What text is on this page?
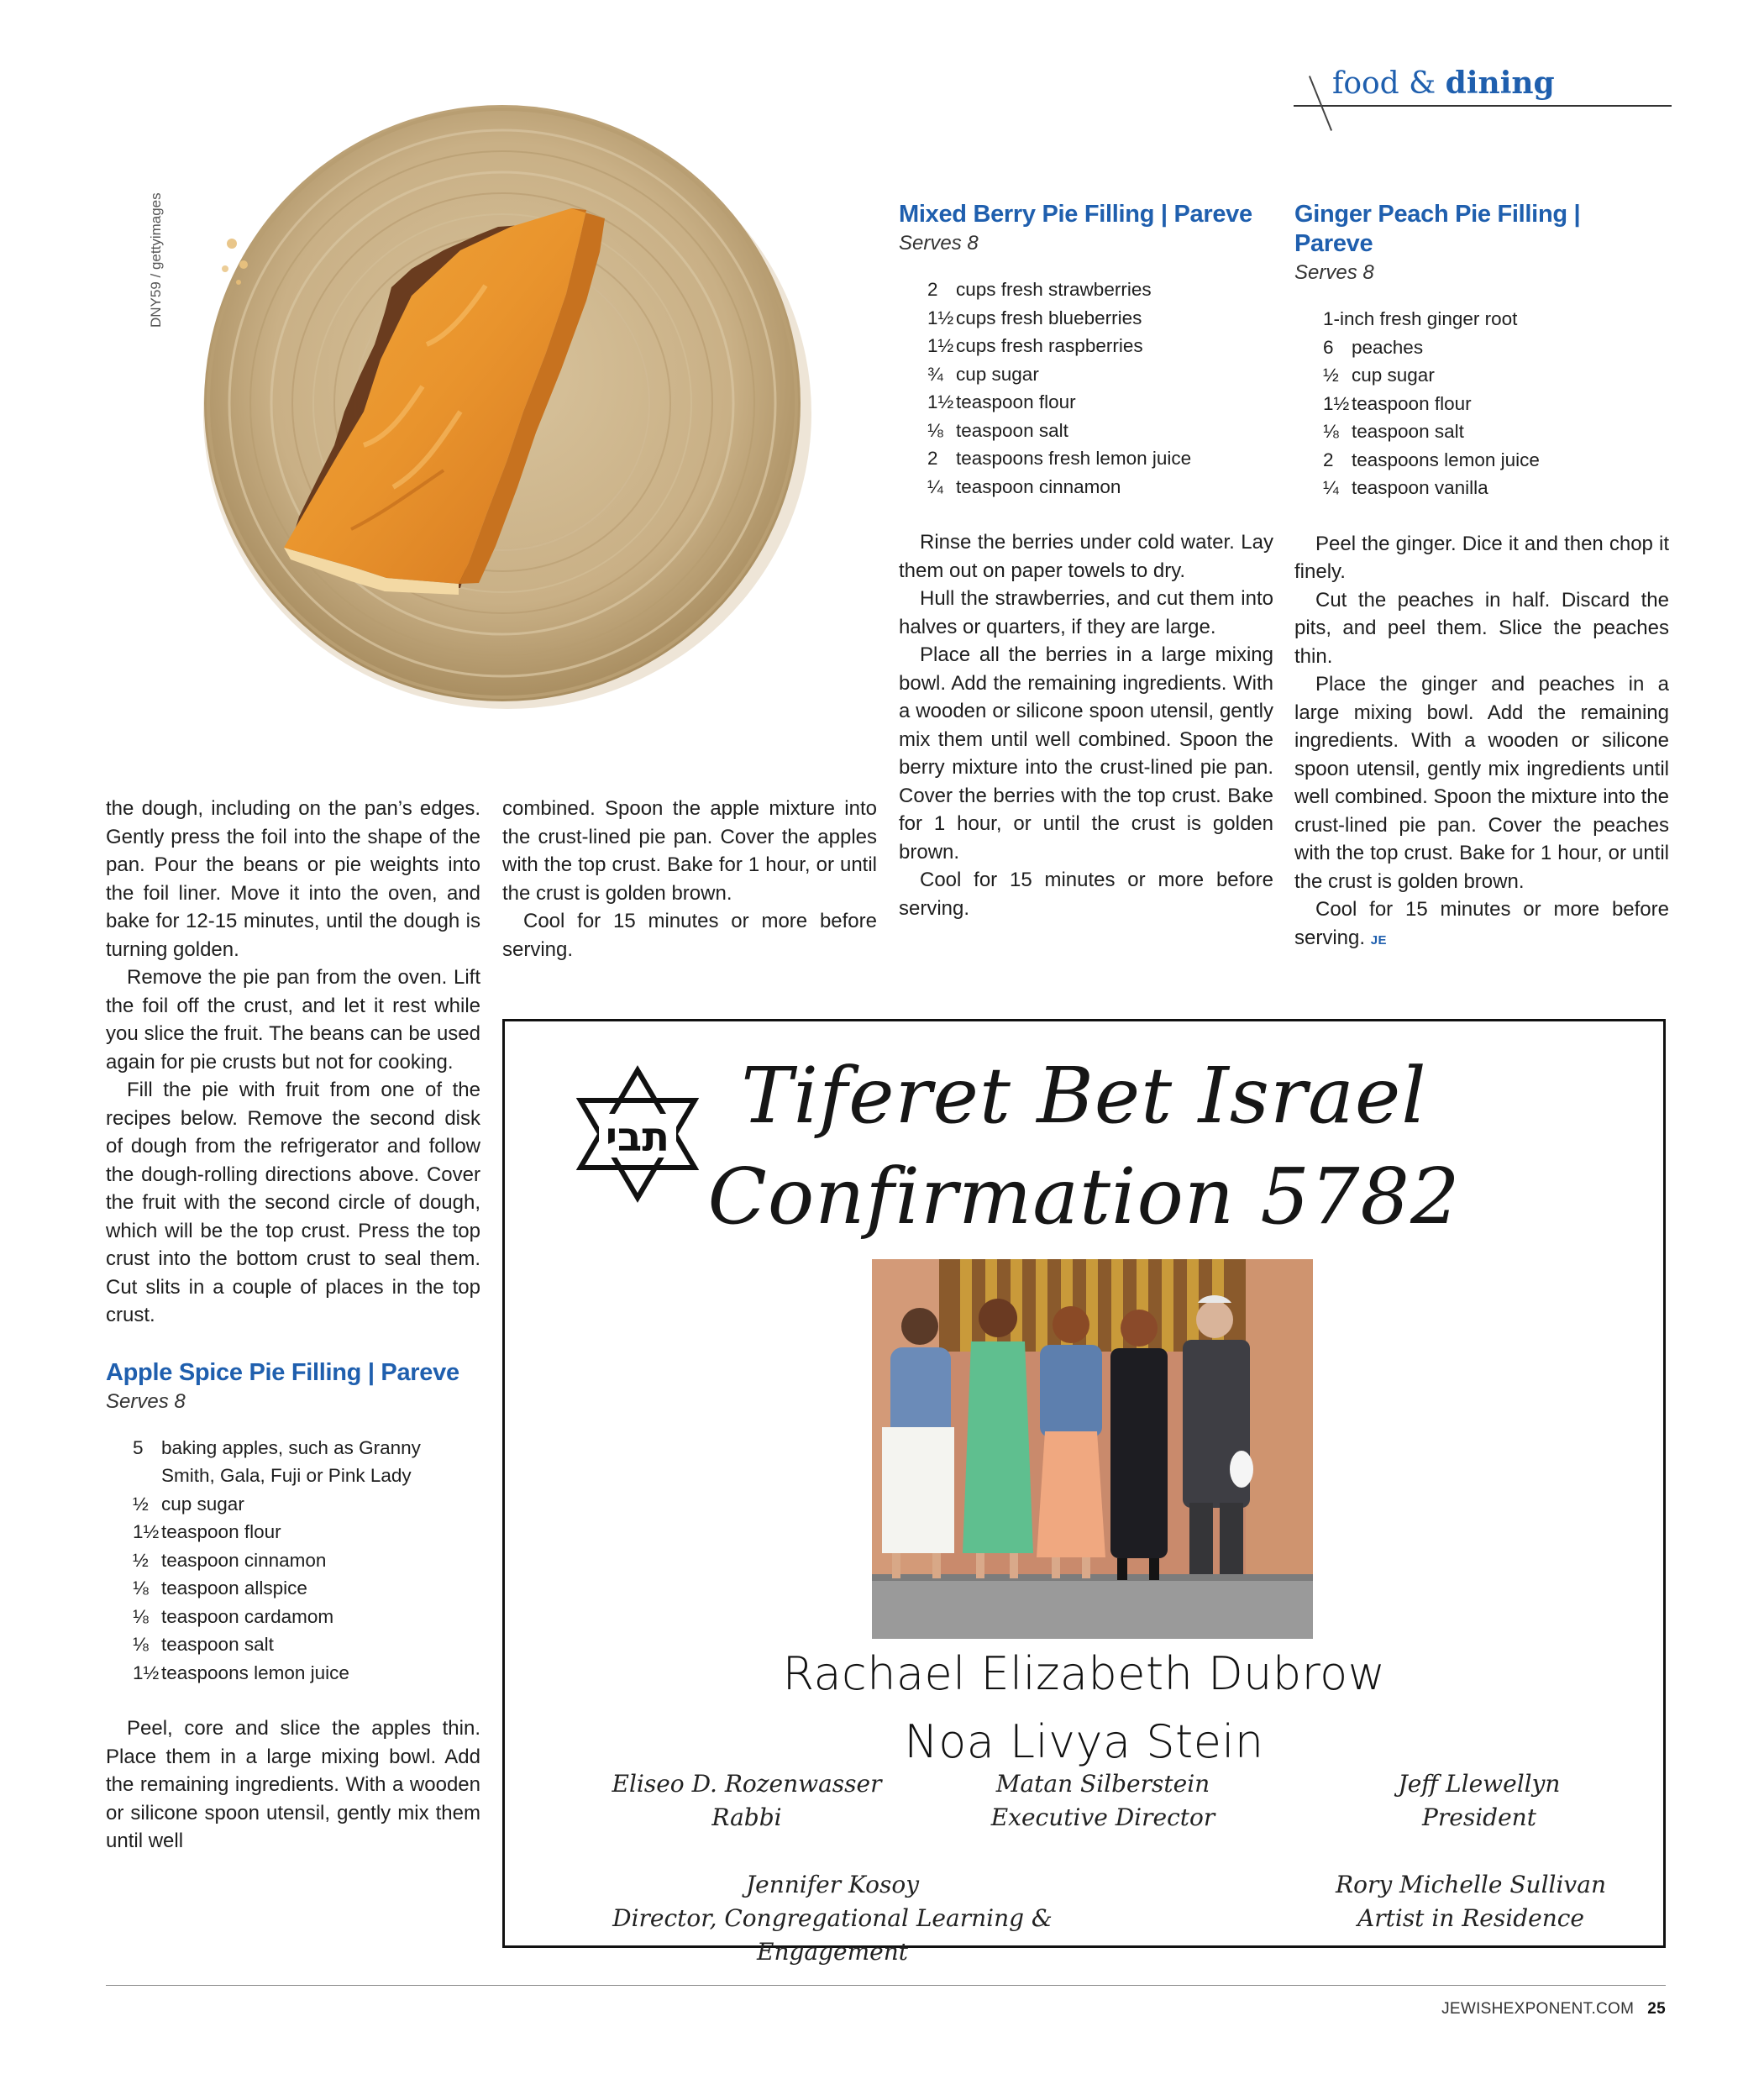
food & dining
DNY59 / gettyimages

the dough, including on the pan’s edges. Gently press the foil into the shape of the pan. Pour the beans or pie weights into the foil liner. Move it into the oven, and bake for 12-15 minutes, until the dough is turning golden.

Remove the pie pan from the oven. Lift the foil off the crust, and let it rest while you slice the fruit. The beans can be used again for pie crusts but not for cooking.

Fill the pie with fruit from one of the recipes below. Remove the second disk of dough from the refrigerator and follow the dough-rolling directions above. Cover the fruit with the second circle of dough, which will be the top crust. Press the top crust into the bottom crust to seal them. Cut slits in a couple of places in the top crust.

Apple Spice Pie Filling | Pareve
Serves 8
5 baking apples, such as Granny
Smith, Gala, Fuji or Pink Lady
½ cup sugar
1½ teaspoon flour
½ teaspoon cinnamon
⅛ teaspoon allspice
⅛ teaspoon cardamom
⅛ teaspoon salt
1½ teaspoons lemon juice

Peel, core and slice the apples thin. Place them in a large mixing bowl. Add the remaining ingredients. With a wooden or silicone spoon utensil, gently mix them until well

combined. Spoon the apple mixture into the crust-lined pie pan. Cover the apples with the top crust. Bake for 1 hour, or until the crust is golden brown.

Cool for 15 minutes or more before serving.

Mixed Berry Pie Filling | Pareve
Serves 8
2 cups fresh strawberries
1½ cups fresh blueberries
1½ cups fresh raspberries
¾ cup sugar
1½ teaspoon flour
⅛ teaspoon salt
2 teaspoons fresh lemon juice
¼ teaspoon cinnamon

Rinse the berries under cold water. Lay them out on paper towels to dry.

Hull the strawberries, and cut them into halves or quarters, if they are large.

Place all the berries in a large mixing bowl. Add the remaining ingredients. With a wooden or silicone spoon utensil, gently mix them until well combined. Spoon the berry mixture into the crust-lined pie pan. Cover the berries with the top crust. Bake for 1 hour, or until the crust is golden brown.

Cool for 15 minutes or more before serving.

Ginger Peach Pie Filling | Pareve
Serves 8
1-inch fresh ginger root
6 peaches
½ cup sugar
1½ teaspoon flour
⅛ teaspoon salt
2 teaspoons lemon juice
¼ teaspoon vanilla

Peel the ginger. Dice it and then chop it finely.

Cut the peaches in half. Discard the pits, and peel them. Slice the peaches thin.

Place the ginger and peaches in a large mixing bowl. Add the remaining ingredients. With a wooden or silicone spoon utensil, gently mix ingredients until well combined. Spoon the mixture into the crust-lined pie pan. Cover the peaches with the top crust. Bake for 1 hour, or until the crust is golden brown.

Cool for 15 minutes or more before serving. JE

תבי Tiferet Bet Israel
Confirmation 5782
Rachael Elizabeth Dubrow
Noa Livya Stein
Eliseo D. Rozenwasser
Rabbi
Matan Silberstein
Executive Director
Jeff Llewellyn
President
Jennifer Kosoy
Director, Congregational Learning & Engagement
Rory Michelle Sullivan
Artist in Residence
JEWISHEXPONENT.COM 25
